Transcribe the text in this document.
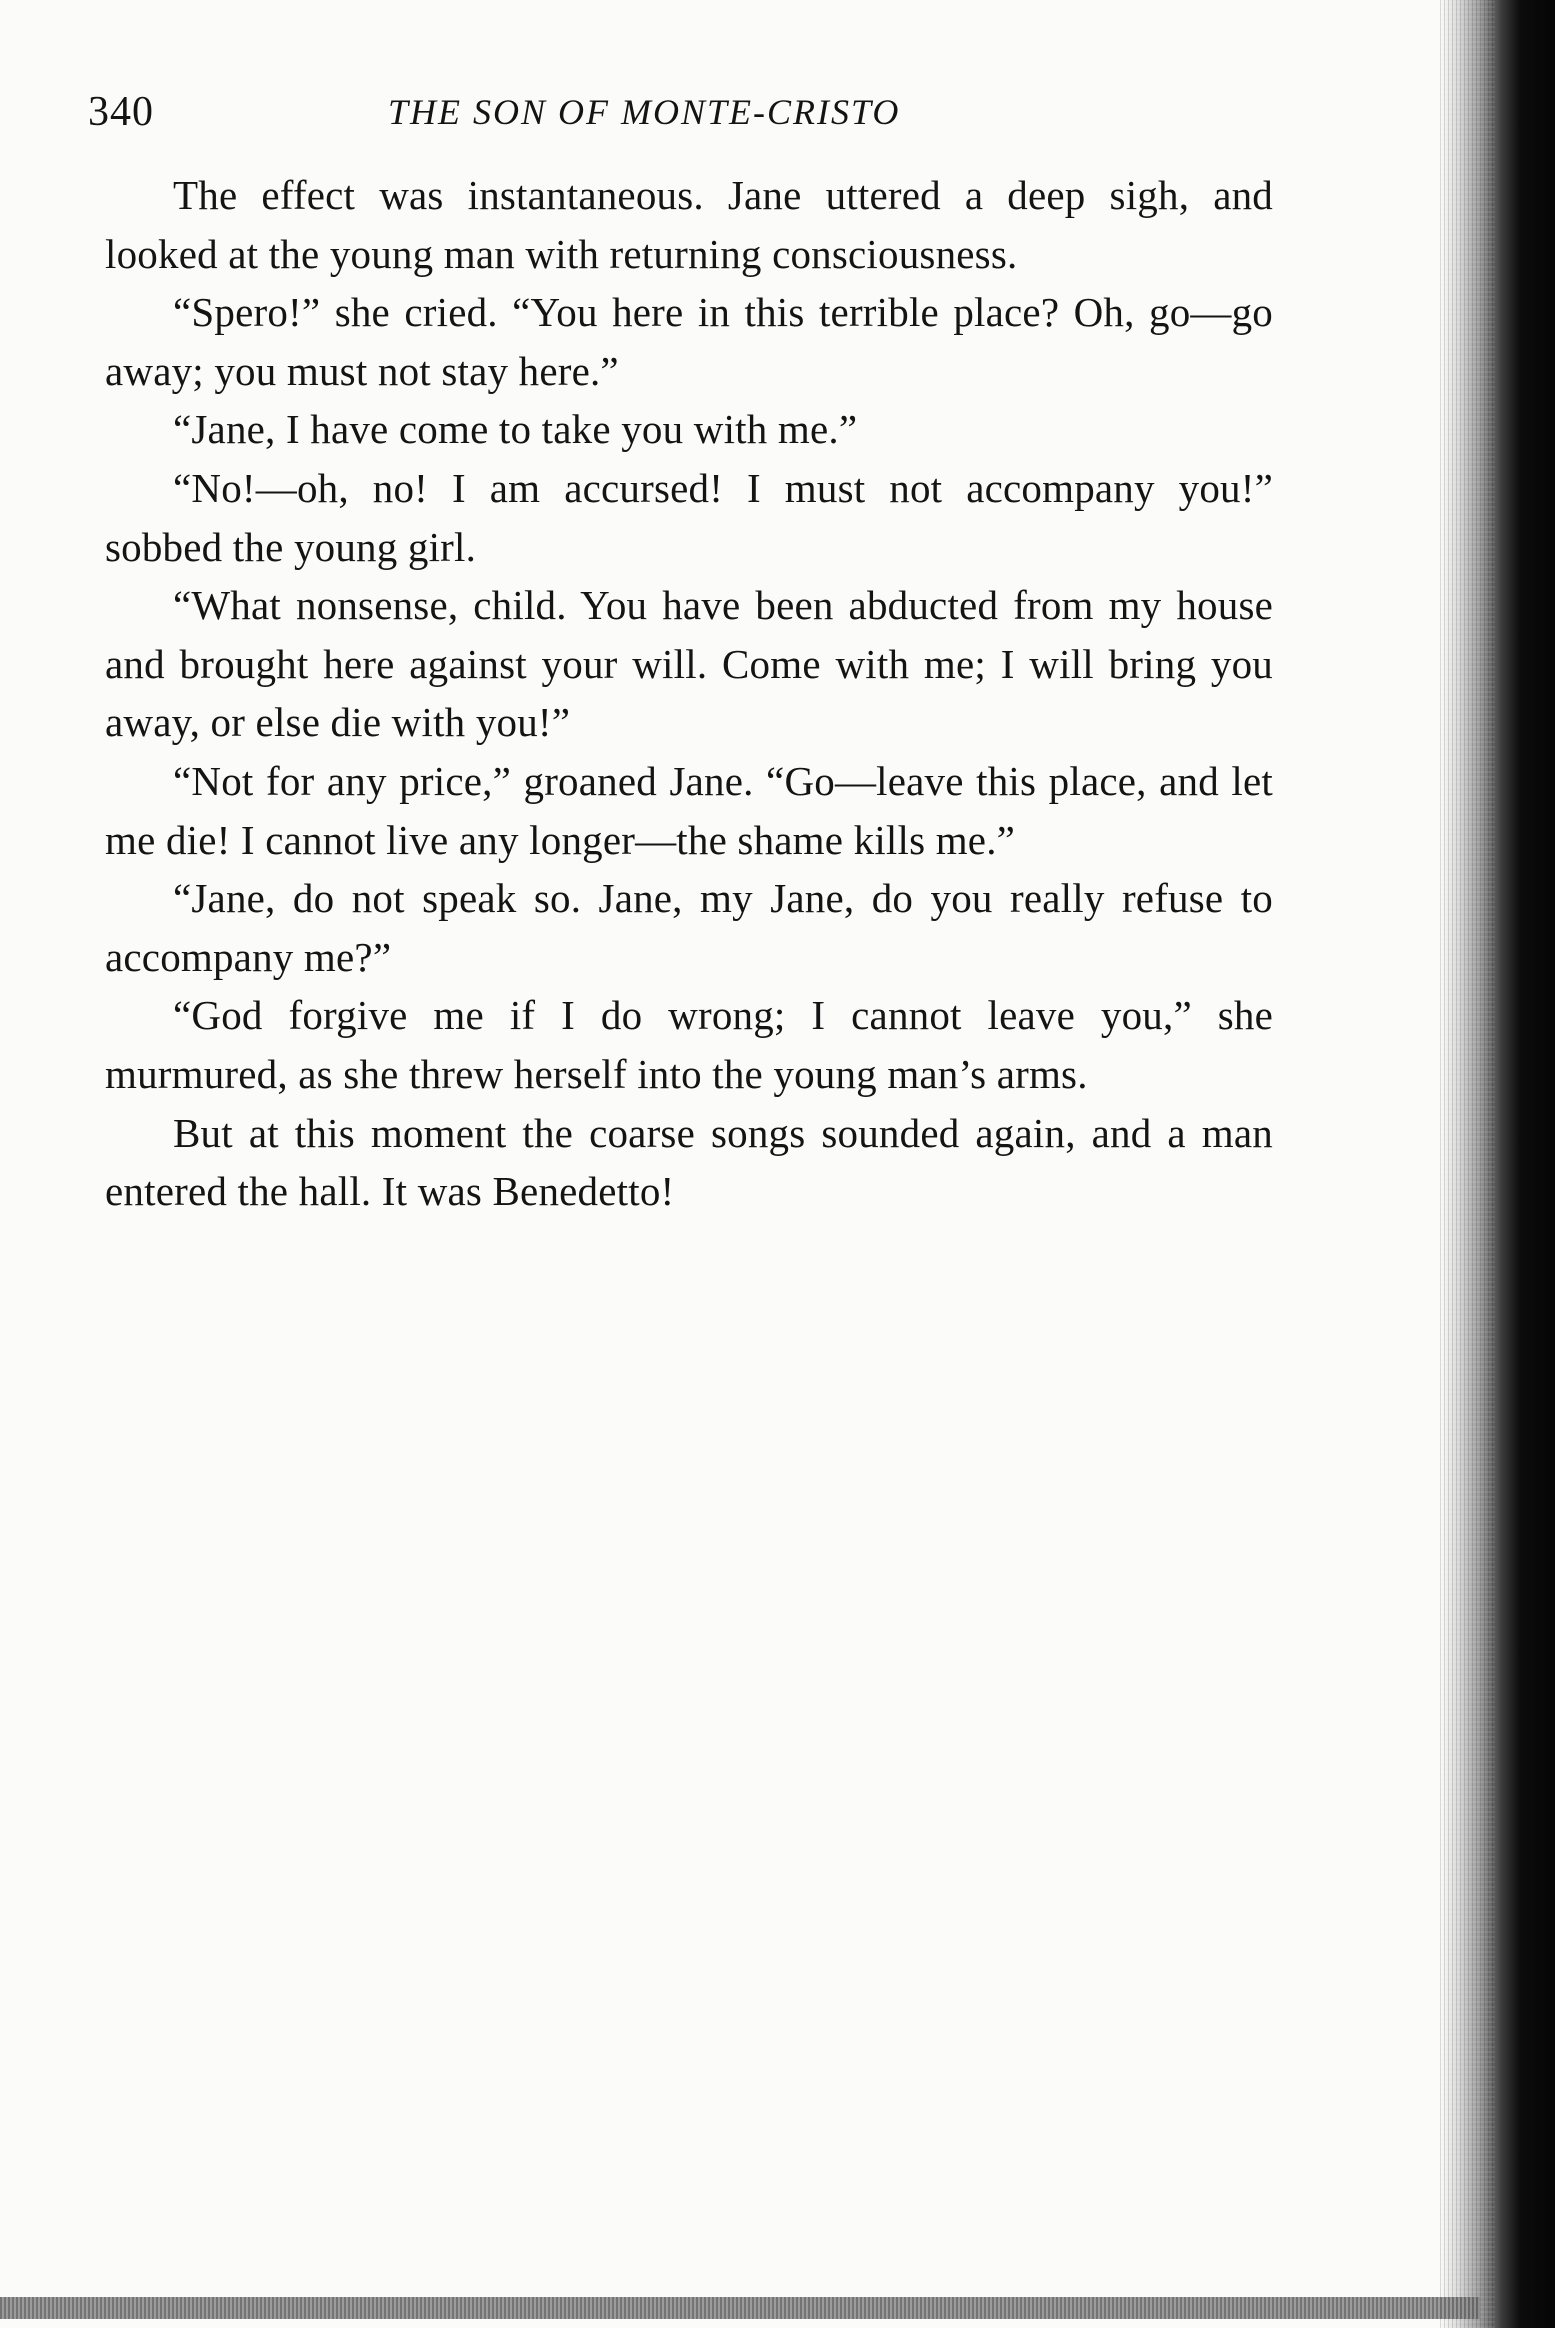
340	THE SON OF MONTE-CRISTO

The effect was instantaneous. Jane uttered a deep sigh, and looked at the young man with returning consciousness.

“Spero!” she cried. “You here in this terrible place? Oh, go—go away; you must not stay here.”

“Jane, I have come to take you with me.”

“No!—oh, no! I am accursed! I must not accompany you!” sobbed the young girl.

“What nonsense, child. You have been abducted from my house and brought here against your will. Come with me; I will bring you away, or else die with you!”

“Not for any price,” groaned Jane. “Go—leave this place, and let me die! I cannot live any longer—the shame kills me.”

“Jane, do not speak so. Jane, my Jane, do you really refuse to accompany me?”

“God forgive me if I do wrong; I cannot leave you,” she murmured, as she threw herself into the young man’s arms.

But at this moment the coarse songs sounded again, and a man entered the hall. It was Benedetto!
